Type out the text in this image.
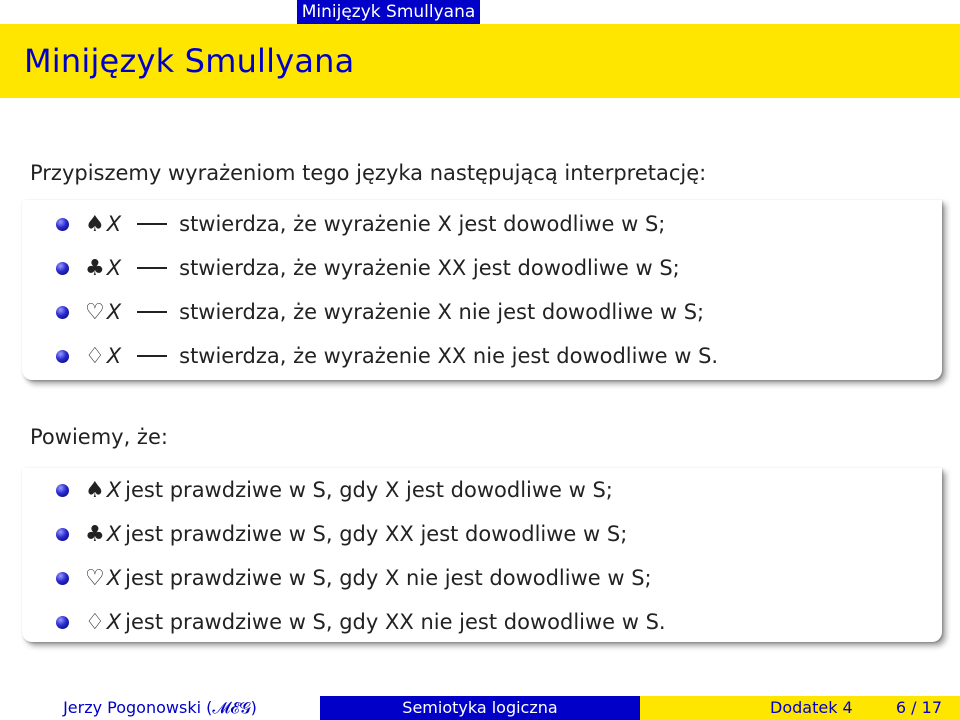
Minijęzyk Smullyana
Minijęzyk Smullyana
Przypiszemy wyrażeniom tego języka następującą interpretację:
♠ X	stwierdza, że wyrażenie X jest dowodliwe w S;
♣ X	stwierdza, że wyrażenie XX jest dowodliwe w S;
♡ X	stwierdza, że wyrażenie X nie jest dowodliwe w S;
♢ X	stwierdza, że wyrażenie XX nie jest dowodliwe w S.
Powiemy, że:
♠ X jest prawdziwe w S, gdy X jest dowodliwe w S;
♣ X jest prawdziwe w S, gdy XX jest dowodliwe w S;
♡ X jest prawdziwe w S, gdy X nie jest dowodliwe w S;
♢ X jest prawdziwe w S, gdy XX nie jest dowodliwe w S.
Jerzy Pogonowski (𝓜𝓔𝓖)	Semiotyka logiczna	Dodatek 4	6 / 17
